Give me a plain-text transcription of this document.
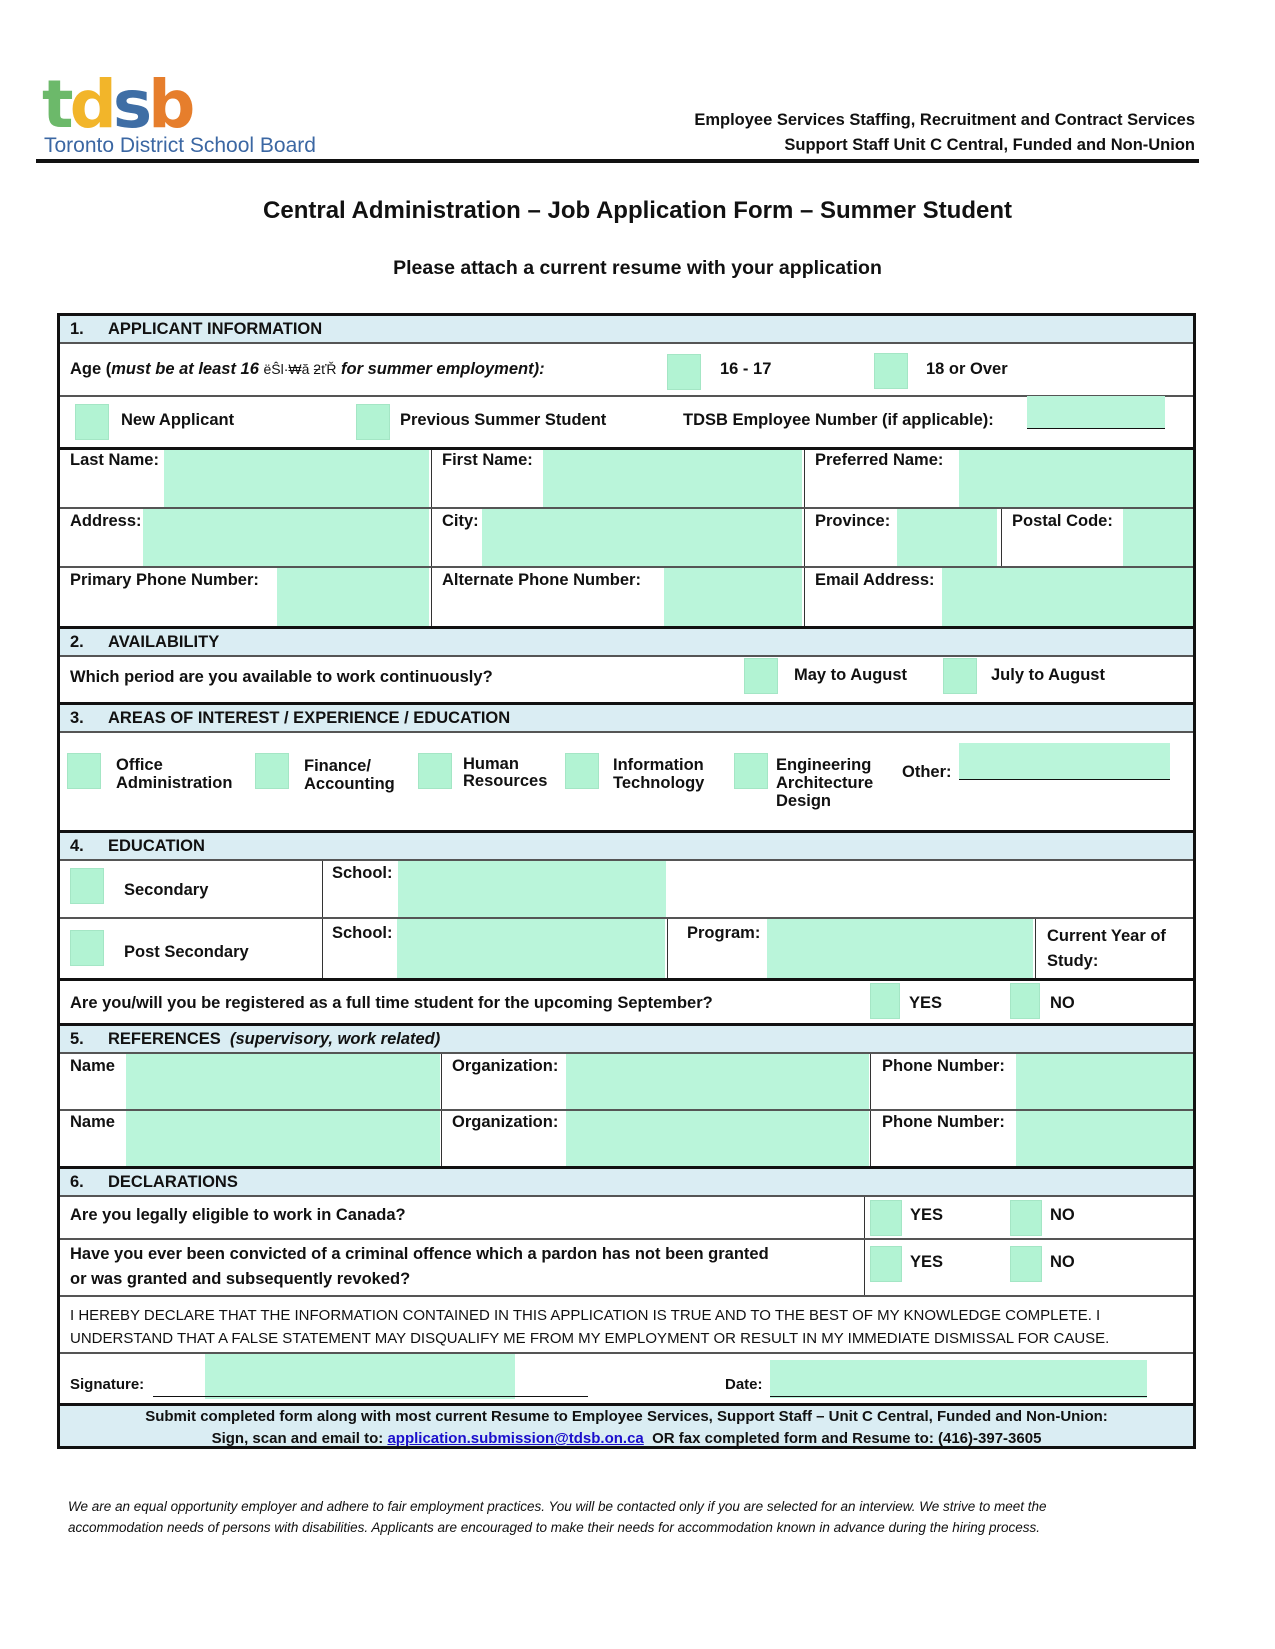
tdsb
Toronto District School Board
Employee Services Staffing, Recruitment and Contract Services
Support Staff Unit C Central, Funded and Non-Union
Central Administration – Job Application Form – Summer Student
Please attach a current resume with your application
1.	APPLICANT INFORMATION
Age (must be at least 16 ëŜl·₩ă ƻťŘ for summer employment):	16 - 17	18 or Over
New Applicant	Previous Summer Student	TDSB Employee Number (if applicable):
Last Name:	First Name:	Preferred Name:
Address:	City:	Province:	Postal Code:
Primary Phone Number:	Alternate Phone Number:	Email Address:
2.	AVAILABILITY
Which period are you available to work continuously?	May to August	July to August
3.	AREAS OF INTEREST / EXPERIENCE / EDUCATION
Office
Administration
Finance/
Accounting
Human
Resources
Information
Technology
Engineering
Architecture
Design
Other:
4.	EDUCATION
Secondary
School:
Post Secondary
School:	Program:	Current Year of
Study:
Are you/will you be registered as a full time student for the upcoming September?	YES	NO
5.	REFERENCES
(supervisory, work related)
Name	Organization:	Phone Number:
Name	Organization:	Phone Number:
6.	DECLARATIONS
Are you legally eligible to work in Canada?	YES	NO
Have you ever been convicted of a criminal offence which a pardon has not been granted
or was granted and subsequently revoked?
YES	NO
I HEREBY DECLARE THAT THE INFORMATION CONTAINED IN THIS APPLICATION IS TRUE AND TO THE BEST OF MY KNOWLEDGE COMPLETE. I
UNDERSTAND THAT A FALSE STATEMENT MAY DISQUALIFY ME FROM MY EMPLOYMENT OR RESULT IN MY IMMEDIATE DISMISSAL FOR CAUSE.
Signature:	Date:
Submit completed form along with most current Resume to Employee Services, Support Staff – Unit C Central, Funded and Non-Union:
Sign, scan and email to: application.submission@tdsb.on.ca OR fax completed form and Resume to: (416)-397-3605
We are an equal opportunity employer and adhere to fair employment practices. You will be contacted only if you are selected for an interview. We strive to meet the
accommodation needs of persons with disabilities. Applicants are encouraged to make their needs for accommodation known in advance during the hiring process.
